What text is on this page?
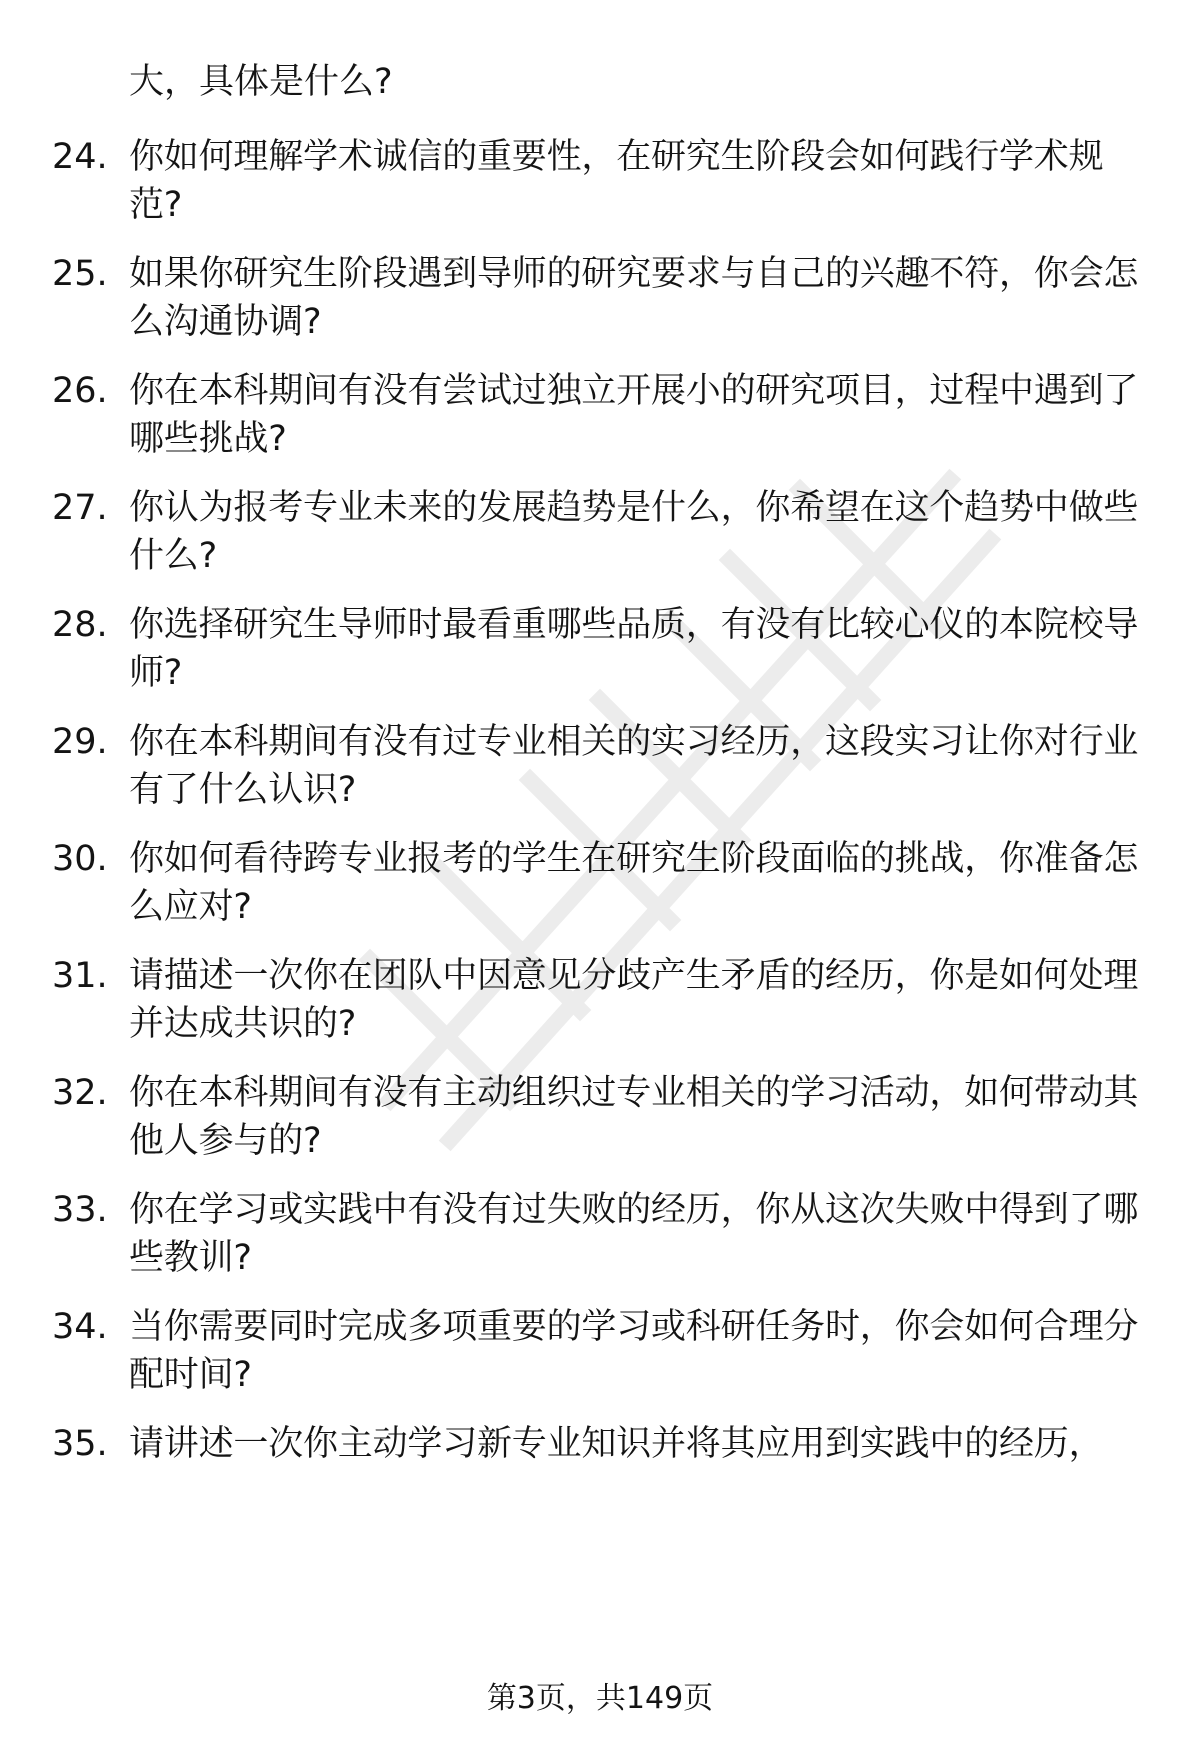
大，具体是什么?
24. 你如何理解学术诚信的重要性，在研究生阶段会如何践行学术规范?
25. 如果你研究生阶段遇到导师的研究要求与自己的兴趣不符，你会怎么沟通协调?
26. 你在本科期间有没有尝试过独立开展小的研究项目，过程中遇到了哪些挑战?
27. 你认为报考专业未来的发展趋势是什么，你希望在这个趋势中做些什么?
28. 你选择研究生导师时最看重哪些品质，有没有比较心仪的本院校导师?
29. 你在本科期间有没有过专业相关的实习经历，这段实习让你对行业有了什么认识?
30. 你如何看待跨专业报考的学生在研究生阶段面临的挑战，你准备怎么应对?
31. 请描述一次你在团队中因意见分歧产生矛盾的经历，你是如何处理并达成共识的?
32. 你在本科期间有没有主动组织过专业相关的学习活动，如何带动其他人参与的?
33. 你在学习或实践中有没有过失败的经历，你从这次失败中得到了哪些教训?
34. 当你需要同时完成多项重要的学习或科研任务时，你会如何合理分配时间?
35. 请讲述一次你主动学习新专业知识并将其应用到实践中的经历，
第3页，共149页
